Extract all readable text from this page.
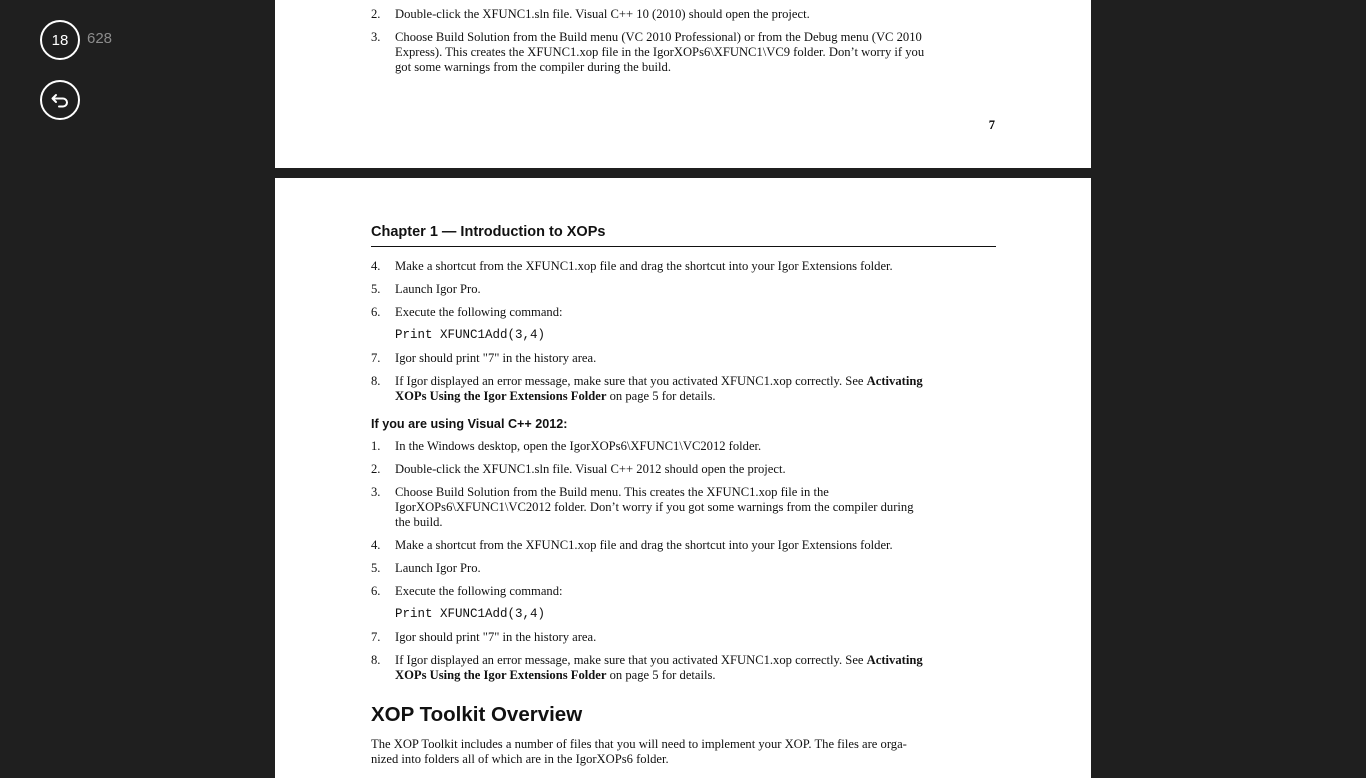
18 628
2. Double-click the XFUNC1.sln file. Visual C++ 10 (2010) should open the project.
3. Choose Build Solution from the Build menu (VC 2010 Professional) or from the Debug menu (VC 2010
Express). This creates the XFUNC1.xop file in the IgorXOPs6\XFUNC1\VC9 folder. Don’t worry if you
got some warnings from the compiler during the build.
7
Chapter 1 — Introduction to XOPs
4. Make a shortcut from the XFUNC1.xop file and drag the shortcut into your Igor Extensions folder.
5. Launch Igor Pro.
6. Execute the following command:
Print XFUNC1Add(3,4)
7. Igor should print "7" in the history area.
8. If Igor displayed an error message, make sure that you activated XFUNC1.xop correctly. See Activating
XOPs Using the Igor Extensions Folder on page 5 for details.
If you are using Visual C++ 2012:
1. In the Windows desktop, open the IgorXOPs6\XFUNC1\VC2012 folder.
2. Double-click the XFUNC1.sln file. Visual C++ 2012 should open the project.
3. Choose Build Solution from the Build menu. This creates the XFUNC1.xop file in the
IgorXOPs6\XFUNC1\VC2012 folder. Don’t worry if you got some warnings from the compiler during
the build.
4. Make a shortcut from the XFUNC1.xop file and drag the shortcut into your Igor Extensions folder.
5. Launch Igor Pro.
6. Execute the following command:
Print XFUNC1Add(3,4)
7. Igor should print "7" in the history area.
8. If Igor displayed an error message, make sure that you activated XFUNC1.xop correctly. See Activating
XOPs Using the Igor Extensions Folder on page 5 for details.
XOP Toolkit Overview
The XOP Toolkit includes a number of files that you will need to implement your XOP. The files are orga-
nized into folders all of which are in the IgorXOPs6 folder.
